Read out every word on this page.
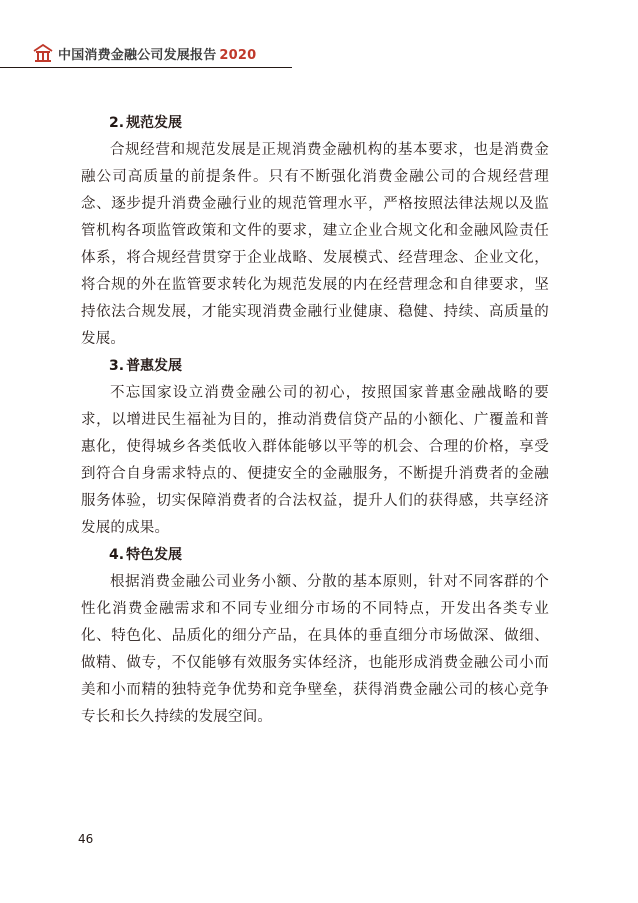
中国消费金融公司发展报告 2020
2. 规范发展

合规经营和规范发展是正规消费金融机构的基本要求，也是消费金融公司高质量的前提条件。只有不断强化消费金融公司的合规经营理念、逐步提升消费金融行业的规范管理水平，严格按照法律法规以及监管机构各项监管政策和文件的要求，建立企业合规文化和金融风险责任体系，将合规经营贯穿于企业战略、发展模式、经营理念、企业文化，将合规的外在监管要求转化为规范发展的内在经营理念和自律要求，坚持依法合规发展，才能实现消费金融行业健康、稳健、持续、高质量的发展。

3. 普惠发展

不忘国家设立消费金融公司的初心，按照国家普惠金融战略的要求，以增进民生福祉为目的，推动消费信贷产品的小额化、广覆盖和普惠化，使得城乡各类低收入群体能够以平等的机会、合理的价格，享受到符合自身需求特点的、便捷安全的金融服务，不断提升消费者的金融服务体验，切实保障消费者的合法权益，提升人们的获得感，共享经济发展的成果。

4. 特色发展

根据消费金融公司业务小额、分散的基本原则，针对不同客群的个性化消费金融需求和不同专业细分市场的不同特点，开发出各类专业化、特色化、品质化的细分产品，在具体的垂直细分市场做深、做细、做精、做专，不仅能够有效服务实体经济，也能形成消费金融公司小而美和小而精的独特竞争优势和竞争壁垒，获得消费金融公司的核心竞争专长和长久持续的发展空间。

46
